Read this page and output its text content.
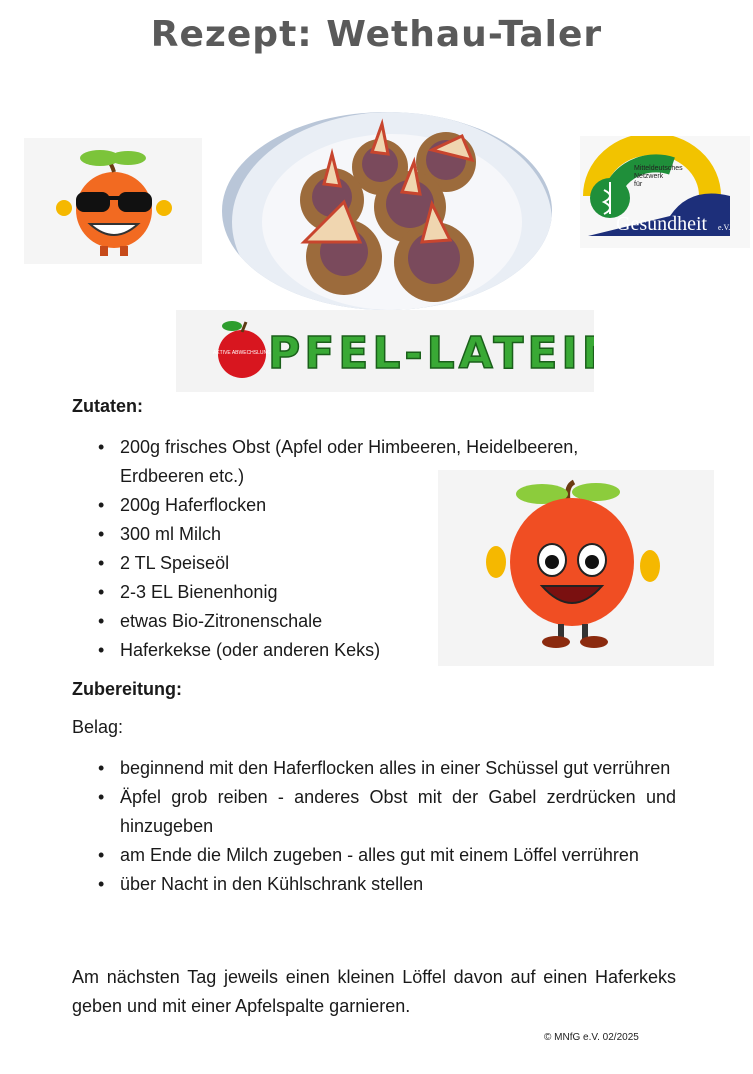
Rezept: Wethau-Taler
Mitteldeutsches
Netzwerk
für
Gesundheit e.V.
AKTIVE ABWECHSLUNG
PFEL-LATEIN
Zutaten:
• 200g frisches Obst (Apfel oder Himbeeren, Heidelbeeren,
Erdbeeren etc.)
• 200g Haferflocken
• 300 ml Milch
• 2 TL Speiseöl
• 2-3 EL Bienenhonig
• etwas Bio-Zitronenschale
• Haferkekse (oder anderen Keks)
Zubereitung:
Belag:
• beginnend mit den Haferflocken alles in einer Schüssel gut verrühren
• Äpfel grob reiben - anderes Obst mit der Gabel zerdrücken und hinzugeben
• am Ende die Milch zugeben - alles gut mit einem Löffel verrühren
• über Nacht in den Kühlschrank stellen
Am nächsten Tag jeweils einen kleinen Löffel davon auf einen Haferkeks geben und mit einer Apfelspalte garnieren.
© MNfG e.V. 02/2025
